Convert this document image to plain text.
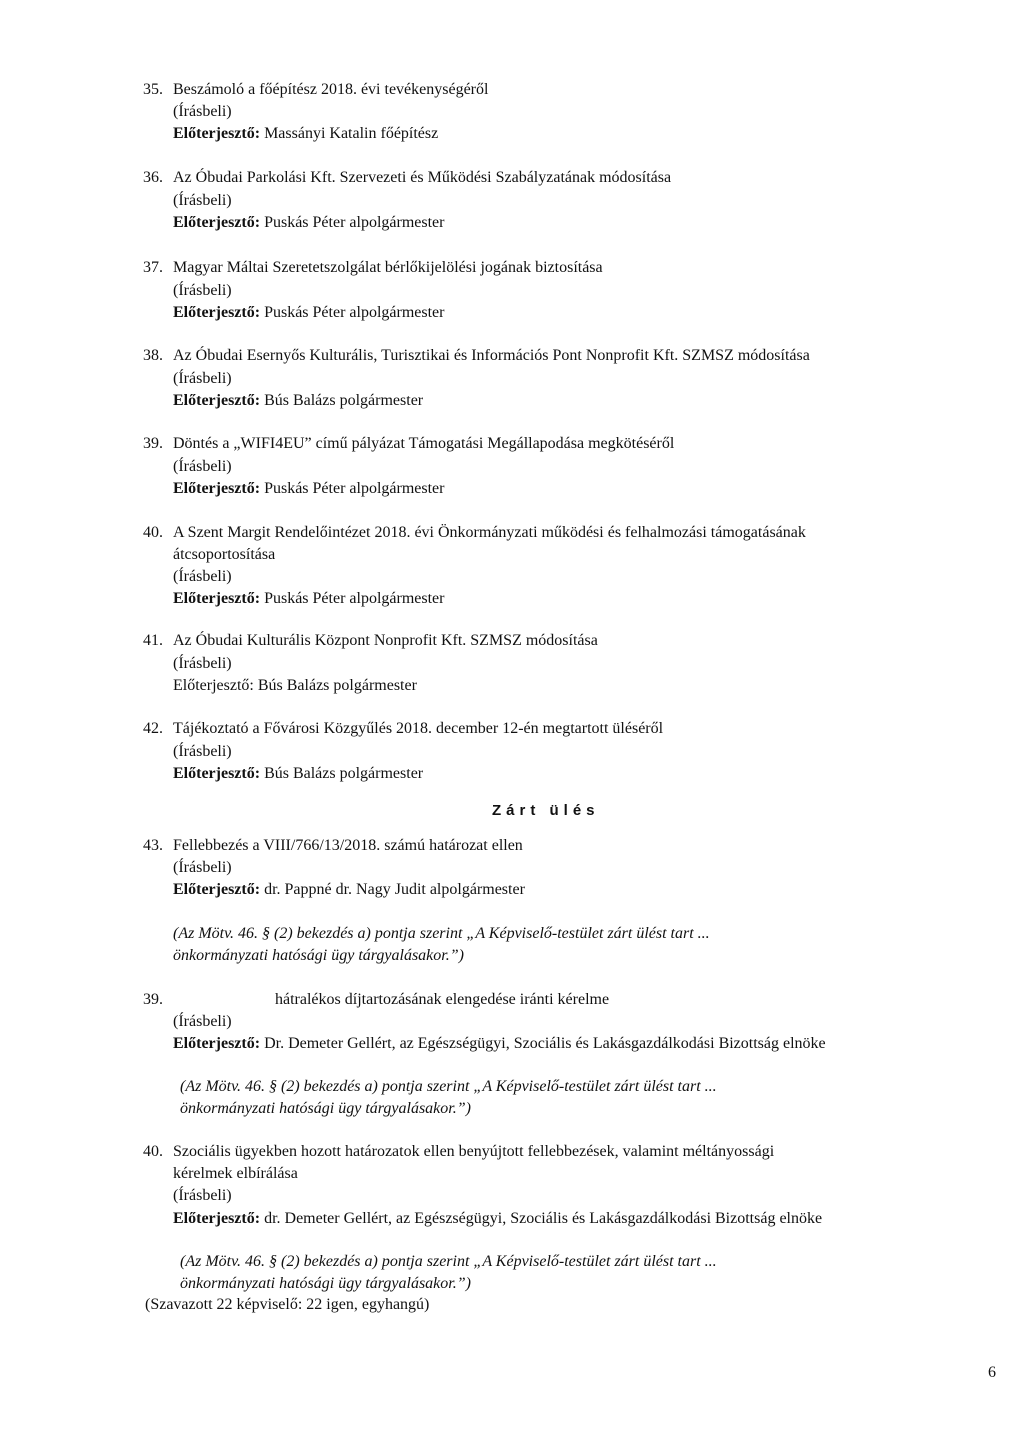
35. Beszámoló a főépítész 2018. évi tevékenységéről
(Írásbeli)
Előterjesztő: Massányi Katalin főépítész
36. Az Óbudai Parkolási Kft. Szervezeti és Működési Szabályzatának módosítása
(Írásbeli)
Előterjesztő: Puskás Péter alpolgármester
37. Magyar Máltai Szeretetszolgálat bérlőkijelölési jogának biztosítása
(Írásbeli)
Előterjesztő: Puskás Péter alpolgármester
38. Az Óbudai Esernyős Kulturális, Turisztikai és Információs Pont Nonprofit Kft. SZMSZ módosítása
(Írásbeli)
Előterjesztő: Bús Balázs polgármester
39. Döntés a „WIFI4EU” című pályázat Támogatási Megállapodása megkötéséről
(Írásbeli)
Előterjesztő: Puskás Péter alpolgármester
40. A Szent Margit Rendelőintézet 2018. évi Önkormányzati működési és felhalmozási támogatásának
átcsoportosítása
(Írásbeli)
Előterjesztő: Puskás Péter alpolgármester
41. Az Óbudai Kulturális Központ Nonprofit Kft. SZMSZ módosítása
(Írásbeli)
Előterjesztő: Bús Balázs polgármester
42. Tájékoztató a Fővárosi Közgyűlés 2018. december 12-én megtartott üléséről
(Írásbeli)
Előterjesztő: Bús Balázs polgármester
Zárt ülés
43. Fellebbezés a VIII/766/13/2018. számú határozat ellen
(Írásbeli)
Előterjesztő: dr. Pappné dr. Nagy Judit alpolgármester
(Az Mötv. 46. § (2) bekezdés a) pontja szerint „A Képviselő-testület zárt ülést tart ...
önkormányzati hatósági ügy tárgyalásakor.”)
39.	hátralékos díjtartozásának elengedése iránti kérelme
(Írásbeli)
Előterjesztő: Dr. Demeter Gellért, az Egészségügyi, Szociális és Lakásgazdálkodási Bizottság elnöke
(Az Mötv. 46. § (2) bekezdés a) pontja szerint „A Képviselő-testület zárt ülést tart ...
önkormányzati hatósági ügy tárgyalásakor.”)
40. Szociális ügyekben hozott határozatok ellen benyújtott fellebbezések, valamint méltányossági
kérelmek elbírálása
(Írásbeli)
Előterjesztő: dr. Demeter Gellért, az Egészségügyi, Szociális és Lakásgazdálkodási Bizottság elnöke
(Az Mötv. 46. § (2) bekezdés a) pontja szerint „A Képviselő-testület zárt ülést tart ...
önkormányzati hatósági ügy tárgyalásakor.”)
(Szavazott 22 képviselő: 22 igen, egyhangú)
6
